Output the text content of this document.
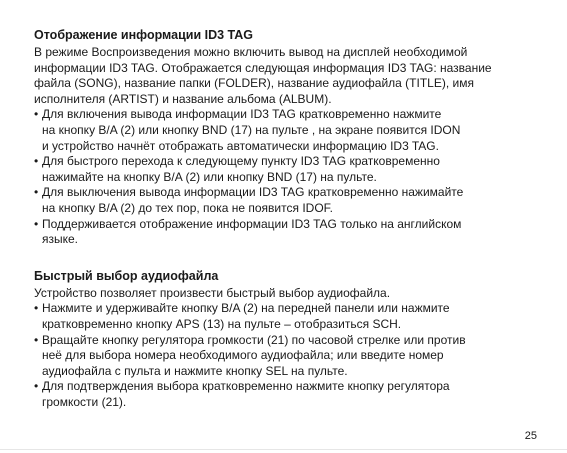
Отображение информации ID3 TAG

В режиме Воспроизведения можно включить вывод на дисплей необходимой
информации ID3 TAG. Отображается следующая информация ID3 TAG: название
файла (SONG), название папки (FOLDER), название аудиофайла (TITLE), имя
исполнителя (ARTIST) и название альбома (ALBUM).

• Для включения вывода информации ID3 TAG кратковременно нажмите
на кнопку B/A (2) или кнопку BND (17) на пульте , на экране появится IDON
и устройство начнёт отображать автоматически информацию ID3 TAG.
• Для быстрого перехода к следующему пункту ID3 TAG кратковременно
нажимайте на кнопку B/A (2) или кнопку BND (17) на пульте.
• Для выключения вывода информации ID3 TAG кратковременно нажимайте
на кнопку B/A (2) до тех пор, пока не появится IDOF.
• Поддерживается отображение информации ID3 TAG только на английском
языке.
Быстрый выбор аудиофайла

Устройство позволяет произвести быстрый выбор аудиофайла.

• Нажмите и удерживайте кнопку B/A (2) на передней панели или нажмите
кратковременно кнопку APS (13) на пульте – отобразиться SCH.
• Вращайте кнопку регулятора громкости (21) по часовой стрелке или против
неё для выбора номера необходимого аудиофайла; или введите номер
аудиофайла с пульта и нажмите кнопку SEL на пульте.
• Для подтверждения выбора кратковременно нажмите кнопку регулятора
громкости (21).
25
